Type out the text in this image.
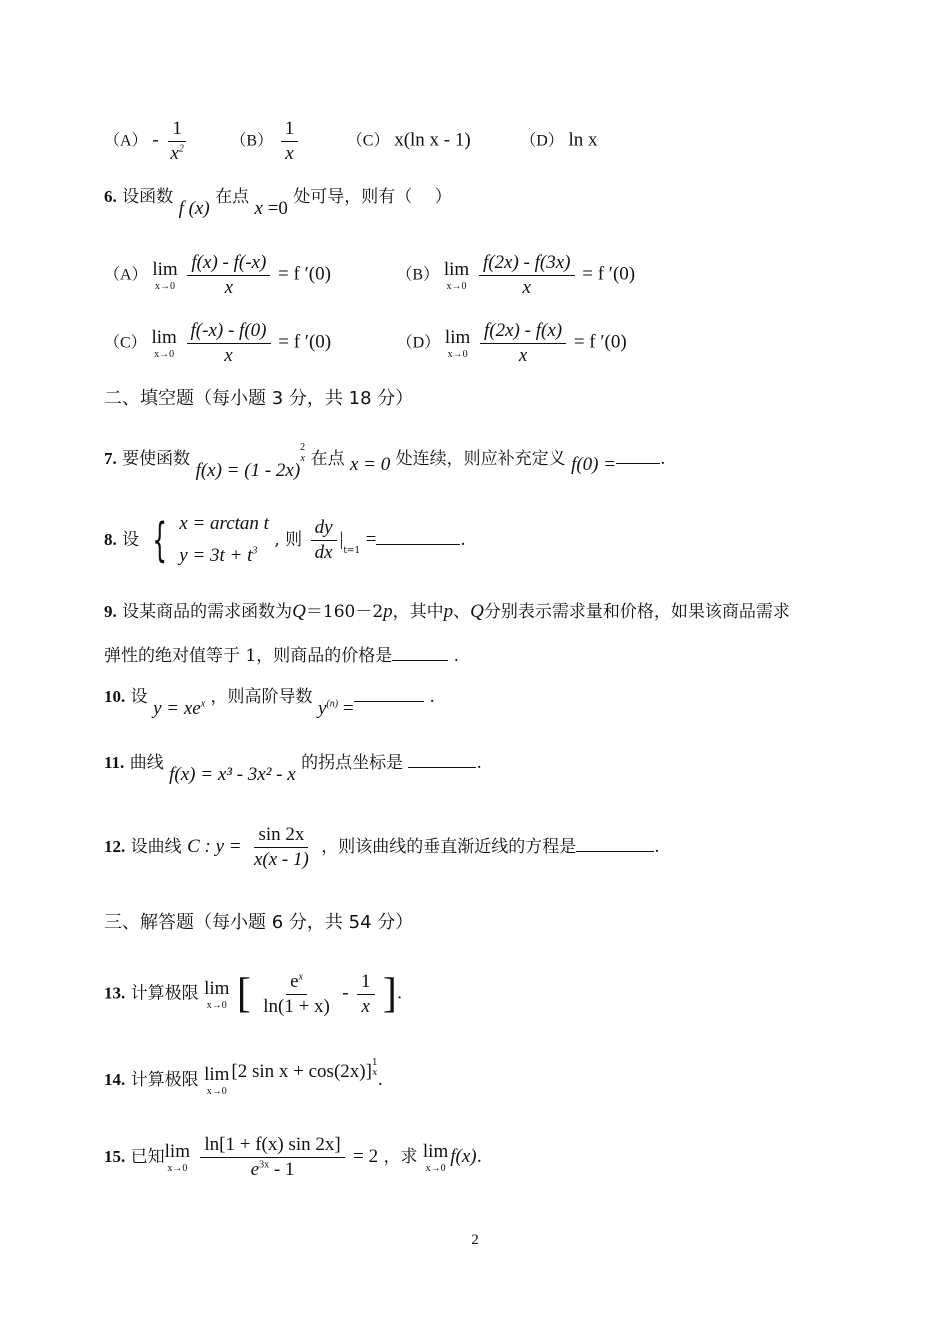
$(A) - \frac{1}{x^2}$	$(B) \frac{1}{x}$	（C） x(ln x - 1)	（D） ln x
6. 设函数 f (x) 在点 x =0 处可导，则有（　 ）
（A） lim
x→0
$\frac{f(x) - f(-x)}{x} = f$ ′(0)	（B） lim
x→0
$\frac{f(2x) - f(3x)}{x} = f$ ′(0)
（C） lim
x→0
$\frac{f(-x) - f(0)}{x} = f$ ′(0)	（D） lim
x→0
$\frac{f(2x) - f(x)}{x} = f$ ′(0)
二、填空题（每小题 3 分，共 18 分）
7. 要使函数 f(x) = (1 - 2x)
2
x 在点 x = 0 处连续，则应补充定义 f(0) =	.
8. 设 { x = arctan t
$y = 3t + t^3$
, 则 $\frac{dy}{dx} |_{t=1}$ =	.
9. 设某商品的需求函数为Q＝160－2p，其中p、Q分别表示需求量和价格，如果该商品需求
弹性的绝对值等于 1，则商品的价格是	.
10. 设 $y = xe^x$ ，则高阶导数 $y^{(n)}$ =.
11. 曲线 f(x) = x³ - 3x² - x 的拐点坐标是	.
12. 设曲线 C : $y = \frac{\sin 2x}{x(x - 1)}$ ，则该曲线的垂直渐近线的方程是	.
三、解答题（每小题 6 分，共 54 分）
13. 计算极限 lim
x→0 [ $\frac{e^x}{\ln(1 + x)} - \frac{1}{x}$ ].
14. 计算极限 lim
x→0
[2 sin x + cos(2x)] 1
x .
15. 已知 lim
x→0
$\frac{\ln[1 + f(x) \sin 2x]}{e^{3x} - 1} = 2$ ，求 lim
x→0
f(x).
2
